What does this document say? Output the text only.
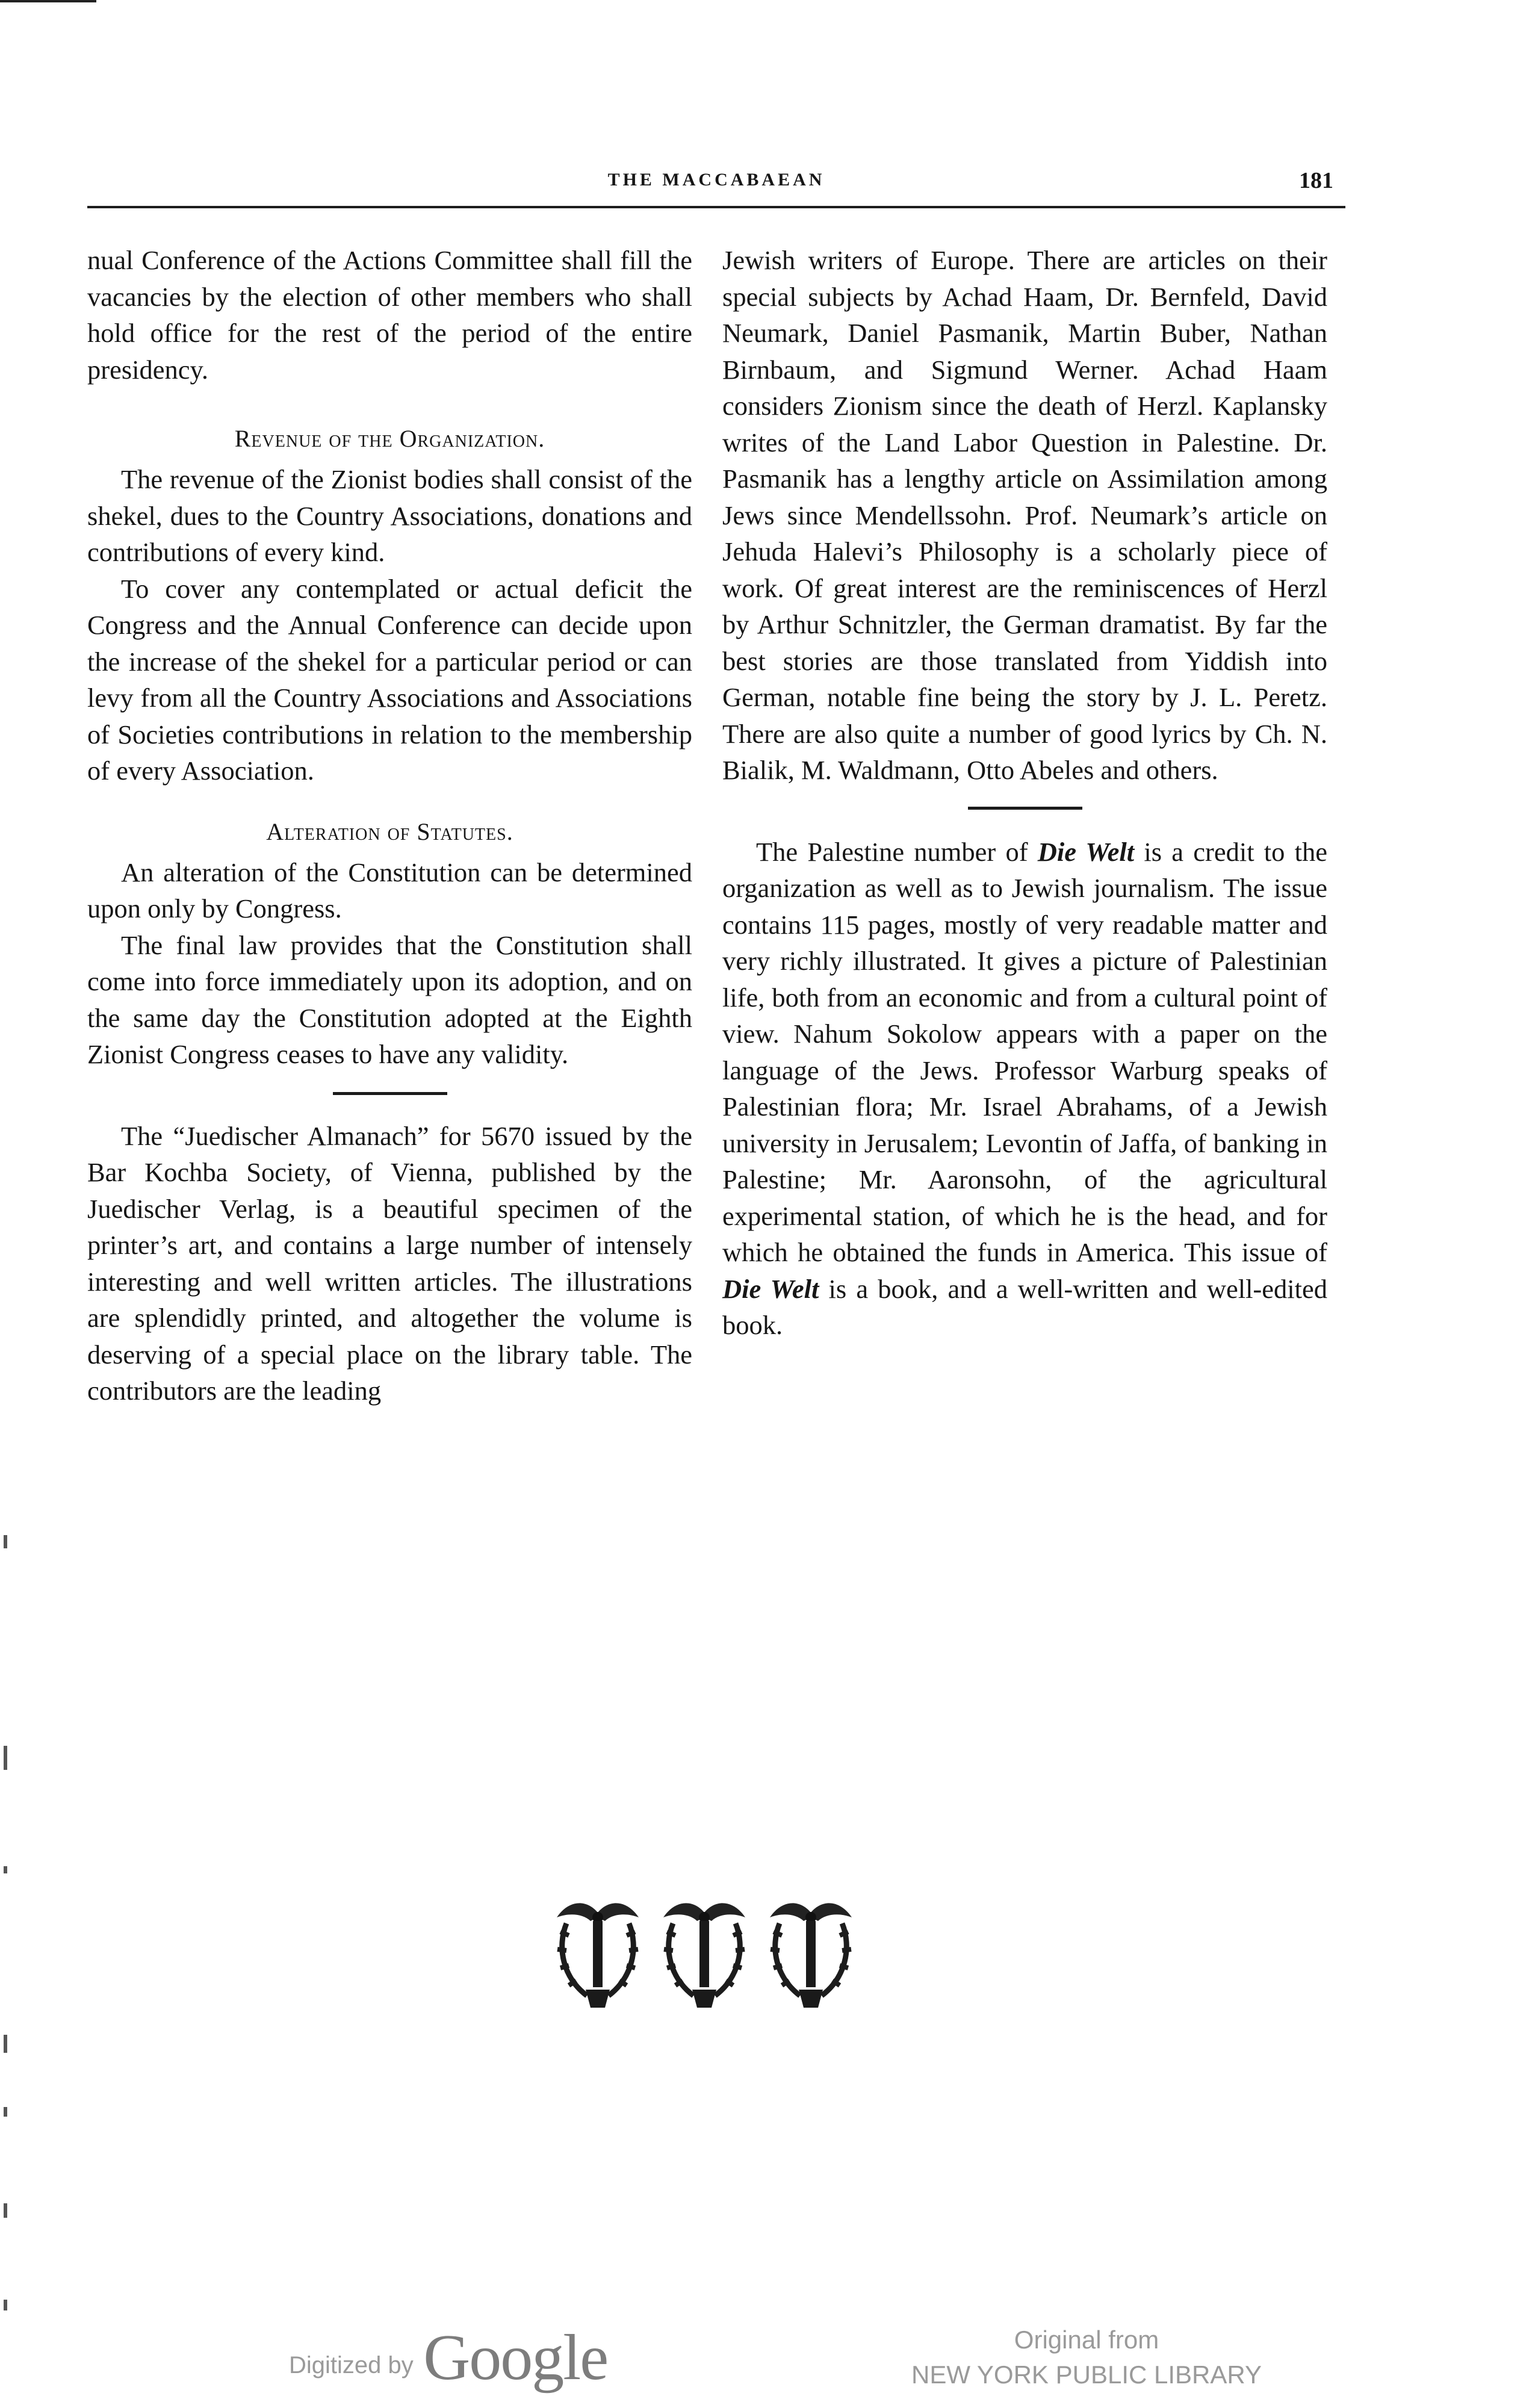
THE MACCABAEAN	181

nual Conference of the Actions Committee shall fill the vacancies by the election of other members who shall hold office for the rest of the period of the entire presidency.

Revenue of the Organization.

The revenue of the Zionist bodies shall consist of the shekel, dues to the Country Associations, donations and contributions of every kind.

To cover any contemplated or actual deficit the Congress and the Annual Conference can decide upon the increase of the shekel for a particular period or can levy from all the Country Associations and Associations of Societies contributions in relation to the membership of every Association.

Alteration of Statutes.

An alteration of the Constitution can be determined upon only by Congress.

The final law provides that the Constitution shall come into force immediately upon its adoption, and on the same day the Constitution adopted at the Eighth Zionist Congress ceases to have any validity.

The “Juedischer Almanach” for 5670 issued by the Bar Kochba Society, of Vienna, published by the Juedischer Verlag, is a beautiful specimen of the printer’s art, and contains a large number of intensely interesting and well written articles. The illustrations are splendidly printed, and altogether the volume is deserving of a special place on the library table. The contributors are the leading

Jewish writers of Europe. There are articles on their special subjects by Achad Haam, Dr. Bernfeld, David Neumark, Daniel Pasmanik, Martin Buber, Nathan Birnbaum, and Sigmund Werner. Achad Haam considers Zionism since the death of Herzl. Kaplansky writes of the Land Labor Question in Palestine. Dr. Pasmanik has a lengthy article on Assimilation among Jews since Mendellssohn. Prof. Neumark’s article on Jehuda Halevi’s Philosophy is a scholarly piece of work. Of great interest are the reminiscences of Herzl by Arthur Schnitzler, the German dramatist. By far the best stories are those translated from Yiddish into German, notable fine being the story by J. L. Peretz. There are also quite a number of good lyrics by Ch. N. Bialik, M. Waldmann, Otto Abeles and others.

The Palestine number of Die Welt is a credit to the organization as well as to Jewish journalism. The issue contains 115 pages, mostly of very readable matter and very richly illustrated. It gives a picture of Palestinian life, both from an economic and from a cultural point of view. Nahum Sokolow appears with a paper on the language of the Jews. Professor Warburg speaks of Palestinian flora; Mr. Israel Abrahams, of a Jewish university in Jerusalem; Levontin of Jaffa, of banking in Palestine; Mr. Aaronsohn, of the agricultural experimental station, of which he is the head, and for which he obtained the funds in America. This issue of Die Welt is a book, and a well-written and well-edited book.

Digitized by Google	Original from
NEW YORK PUBLIC LIBRARY
